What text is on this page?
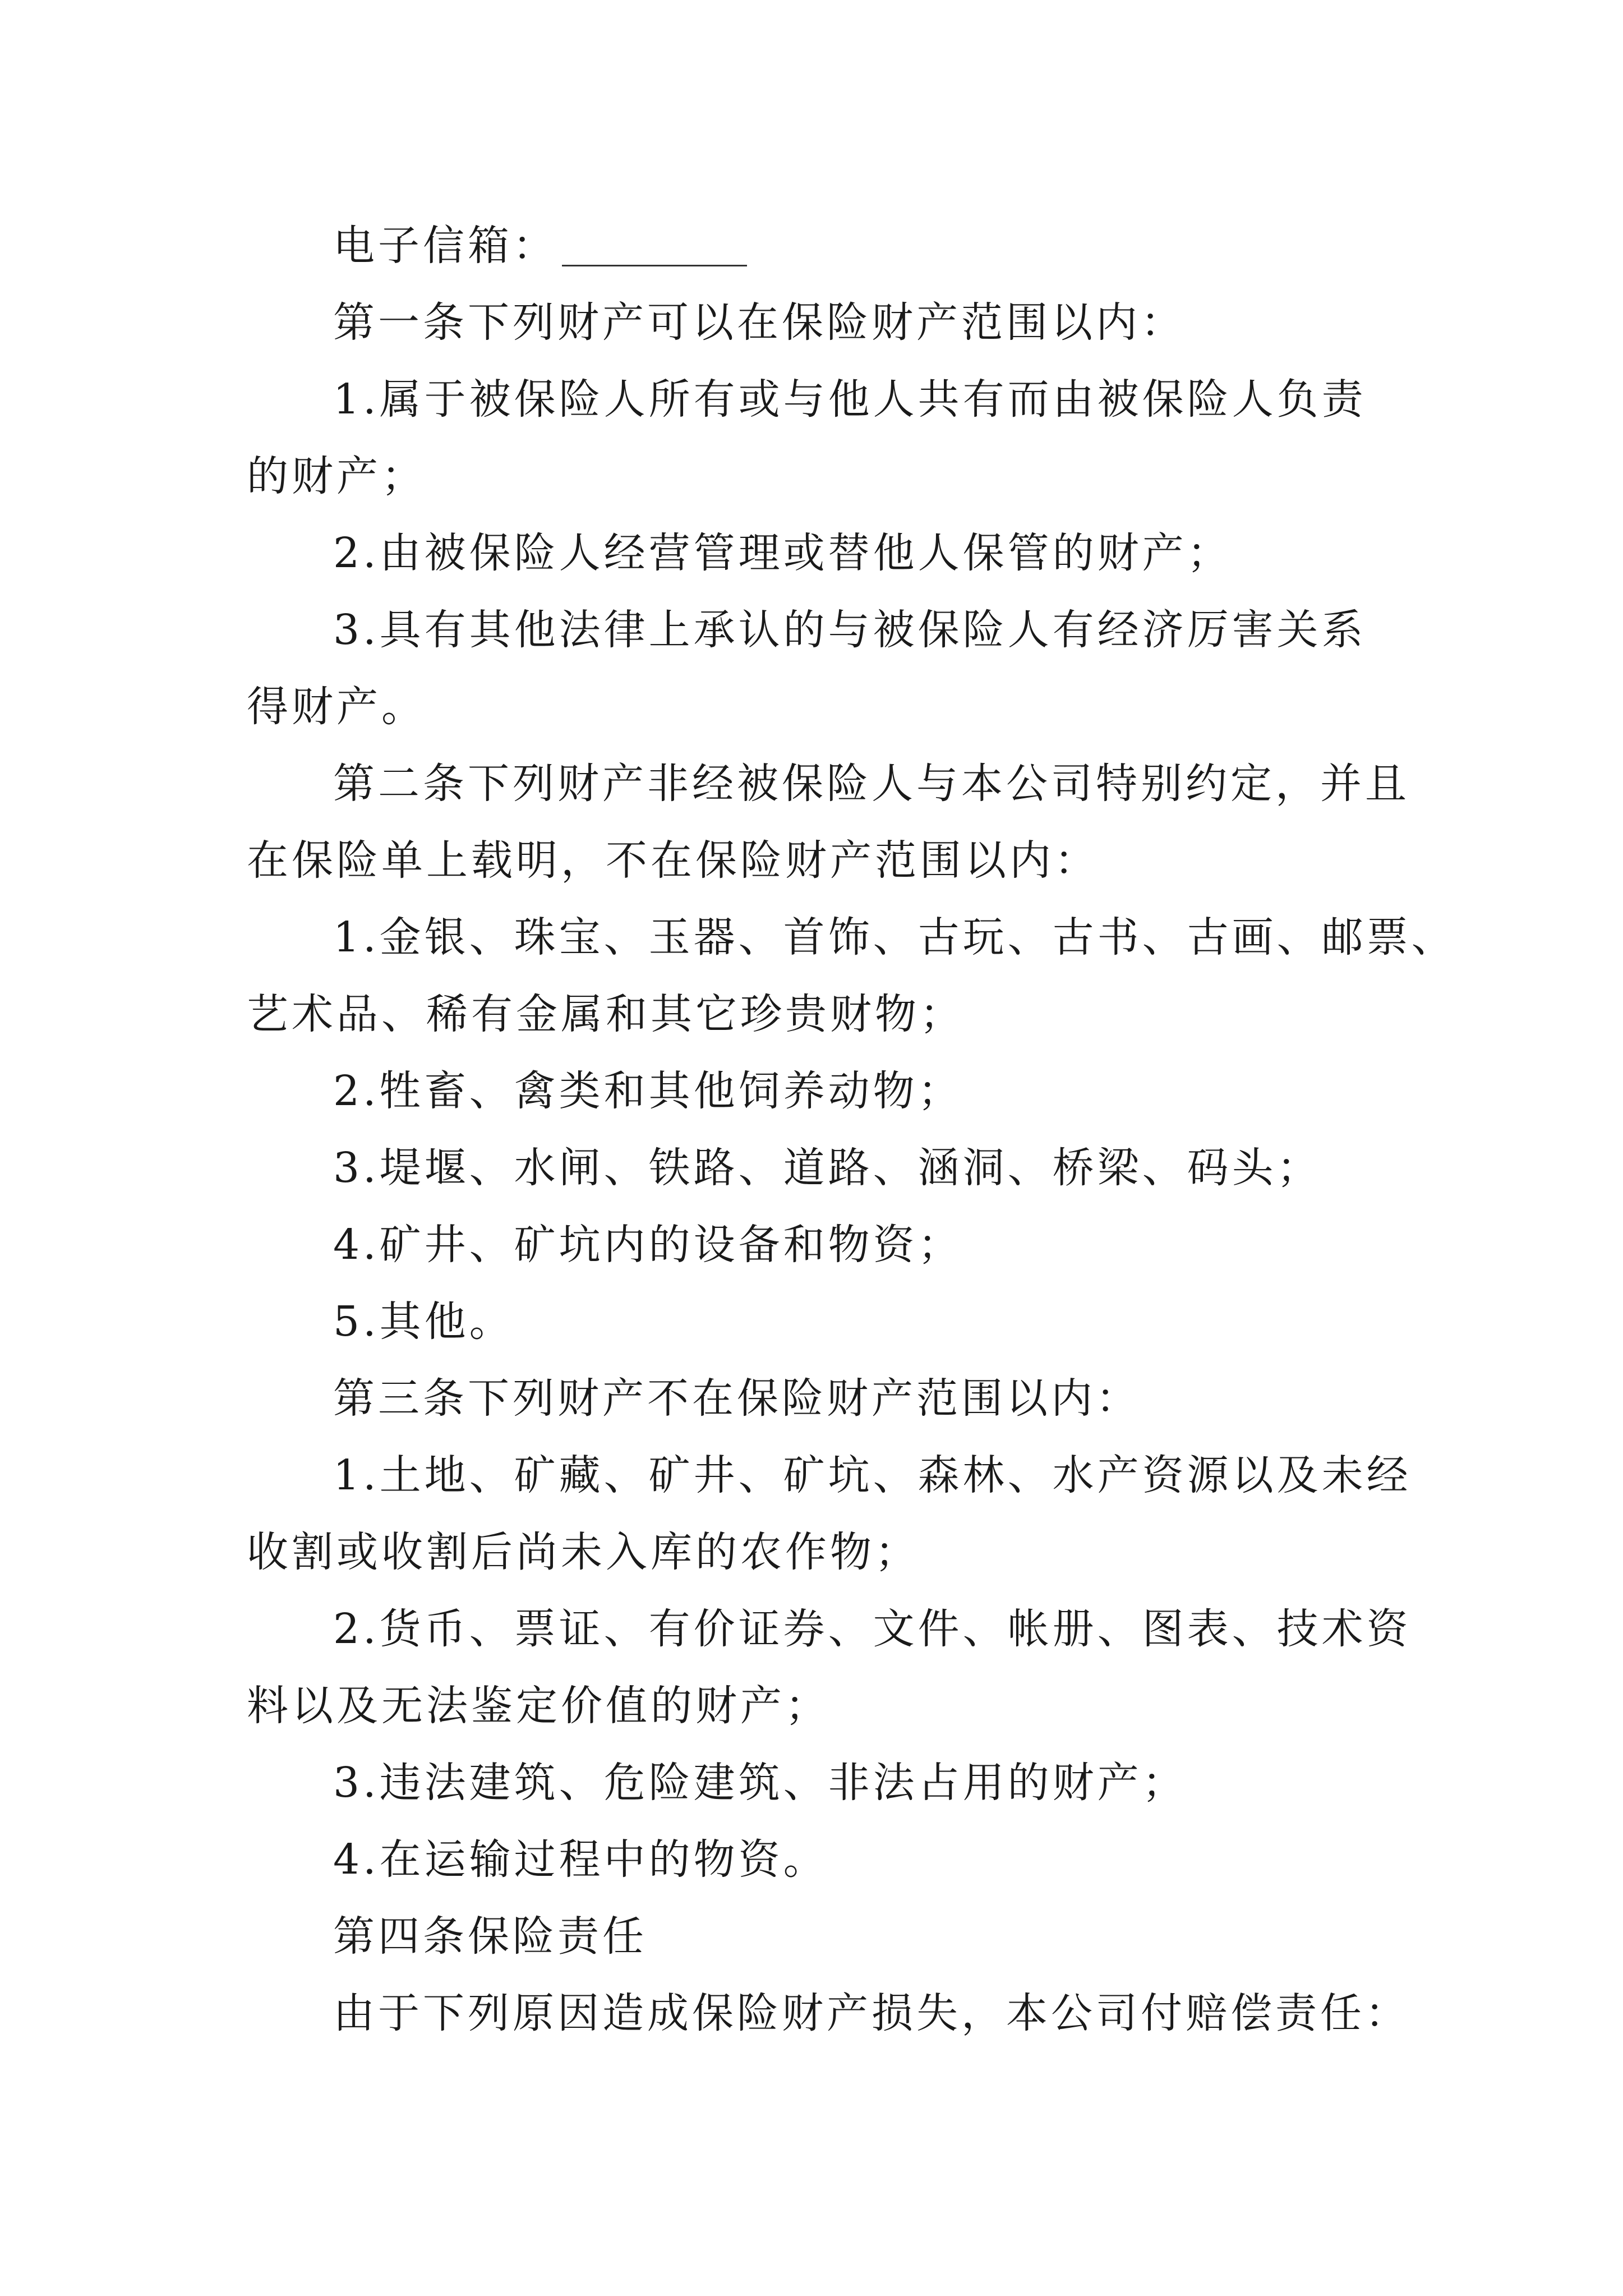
电子信箱：
第一条下列财产可以在保险财产范围以内：
1.属于被保险人所有或与他人共有而由被保险人负责
的财产；
2.由被保险人经营管理或替他人保管的财产；
3.具有其他法律上承认的与被保险人有经济厉害关系
得财产。
第二条下列财产非经被保险人与本公司特别约定，并且
在保险单上载明，不在保险财产范围以内：
1.金银、珠宝、玉器、首饰、古玩、古书、古画、邮票、
艺术品、稀有金属和其它珍贵财物；
2.牲畜、禽类和其他饲养动物；
3.堤堰、水闸、铁路、道路、涵洞、桥梁、码头；
4.矿井、矿坑内的设备和物资；
5.其他。
第三条下列财产不在保险财产范围以内：
1.土地、矿藏、矿井、矿坑、森林、水产资源以及未经
收割或收割后尚未入库的农作物；
2.货币、票证、有价证券、文件、帐册、图表、技术资
料以及无法鉴定价值的财产；
3.违法建筑、危险建筑、非法占用的财产；
4.在运输过程中的物资。
第四条保险责任
由于下列原因造成保险财产损失，本公司付赔偿责任：
